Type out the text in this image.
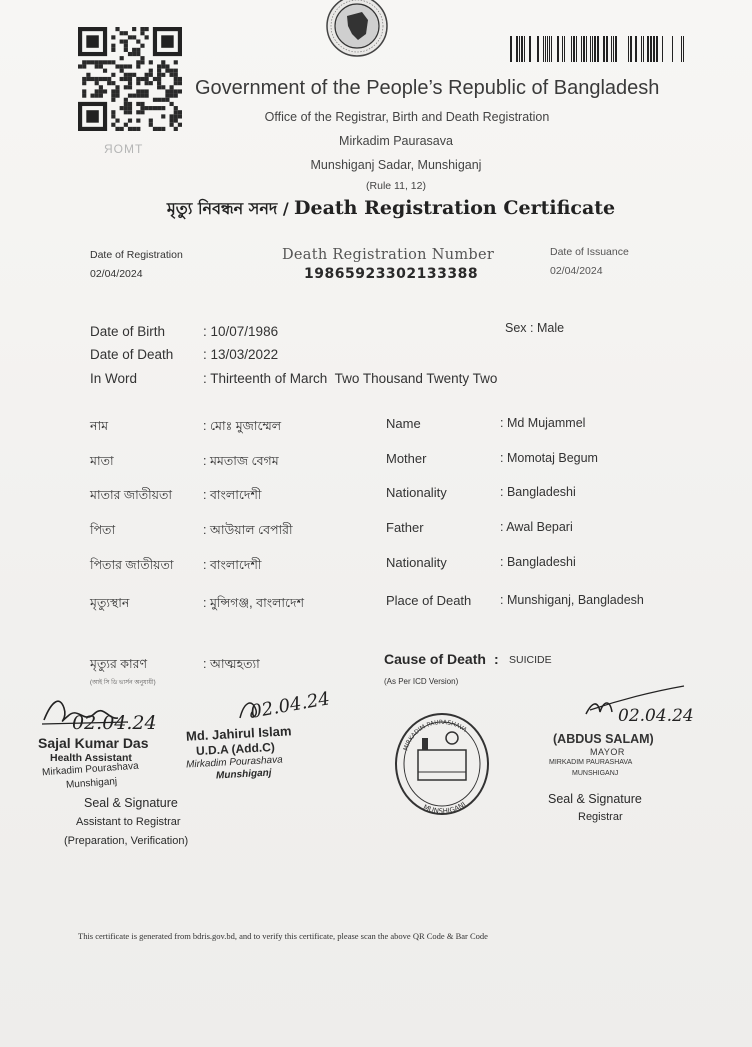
ЯОМТ
Government of the People’s Republic of Bangladesh
Office of the Registrar, Birth and Death Registration
Mirkadim Paurasava
Munshiganj Sadar, Munshiganj
(Rule 11, 12)
মৃত্যু নিবন্ধন সনদ / Death Registration Certificate
Date of Registration
02/04/2024
Death Registration Number
19865923302133388
Date of Issuance
02/04/2024
Date of Birth	: 10/07/1986	Sex : Male
Date of Death : 13/03/2022
In Word	: Thirteenth of March  Two Thousand Twenty Two
নাম	: মোঃ মুজাম্মেল	Name	: Md Mujammel
মাতা	: মমতাজ বেগম	Mother	: Momotaj Begum
মাতার জাতীয়তা : বাংলাদেশী	Nationality	: Bangladeshi
পিতা	: আউয়াল বেপারী	Father	: Awal Bepari
পিতার জাতীয়তা : বাংলাদেশী	Nationality	: Bangladeshi
মৃত্যুস্থান	: মুন্সিগঞ্জ, বাংলাদেশ	Place of Death : Munshiganj, Bangladesh
মৃত্যুর কারণ
(আই সি ডি ভার্সন অনুযায়ী)
: আত্মহত্যা	Cause of Death : SUICIDE
(As Per ICD Version)
02.04.24
Sajal Kumar Das
Health Assistant
Mirkadim Pourashava
Munshiganj
Seal & Signature
Assistant to Registrar
(Preparation, Verification)
02.04.24
Md. Jahirul Islam
U.D.A (Add.C)
Mirkadim Pourashava
Munshiganj
MIRKADIM PAURASHAVA
MUNSHIGANJ
02.04.24
(ABDUS SALAM)
MAYOR
MIRKADIM PAURASHAVA
MUNSHIGANJ
Seal & Signature
Registrar
This certificate is generated from bdris.gov.bd, and to verify this certificate, please scan the above QR Code & Bar Code
